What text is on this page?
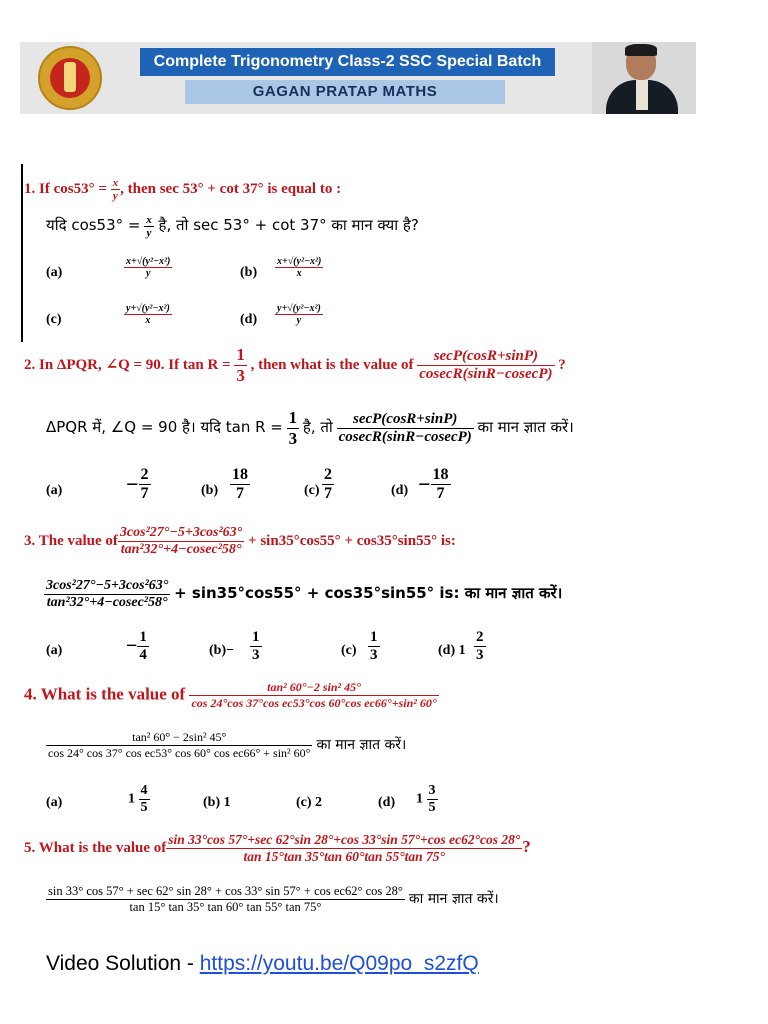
Complete Trigonometry Class-2 SSC Special Batch
GAGAN PRATAP MATHS
1. If $\cos 53^\circ = \frac{x}{y}$ , then sec 53° + cot 37° is equal to :
यदि $\cos 53^\circ = \frac{x}{y}$ है, तो sec 53° + cot 37° का मान क्या है?
(a)	$\frac{\text{x+√(y²−x²)}}{y}$	$(b) \frac{\text{x+√(y²−x²)}}{x}$
(c)	$\frac{\text{y+√(y²−x²)}}{x}$	$(d) \frac{\text{y+√(y²−x²)}}{y}$
2. In ΔPQR, ∠Q = 90. If $\tan R = \frac{1}{3}$ , then what is the value of $\frac{\sec P(\cos R+\sin P)}{cosecR(\sin R-cosecP)}$ ?
ΔPQR में, ∠Q = 90 है। यदि $\tan R = \frac{1}{3}$ है, तो $\frac{\sec P(\cos R+\sin P)}{cosecR(\sin R-cosecP)}$ का मान ज्ञात करें।
(a)	− $\frac{2}{7}$	$(b) \frac{18}{7}$	$(c) \frac{2}{7}$	$(d) - \frac{18}{7}$
3. The value of $\frac{\text{3cos²27°−5+3cos²63°}}{\text{tan²32°+4−cosec²58°}} + \sin 35^\circ\cos 55^\circ + \cos 35^\circ\sin 55^\circ$ is:
$\frac{\text{3cos²27°−5+3cos²63°}}{\text{tan²32°+4−cosec²58°}} + \sin 35^\circ\cos 55^\circ + \cos 35^\circ\sin 55^\circ$ is: का मान ज्ञात करें।
(a)	− $\frac{1}{4}$	$(b)- \frac{1}{3}$	$(c) \frac{1}{3}$	(d) $1 \frac{2}{3}$
4. What is the value of $\frac{\text{tan² 60°−2 sin² 45°}}{\text{cos 24°cos 37°cos ec53°cos 60°cos ec66°+sin² 60°}}$
$\frac{\text{tan² 60° − 2sin² 45°}}{\text{cos 24° cos 37° cos ec53° cos 60° cos ec66° + sin² 60°}}$ का मान ज्ञात करें।
(a)	$1 \frac{4}{5}$	(b) 1	(c) 2	(d) $1 \frac{3}{5}$
5. What is the value of
sin 33°cos 57°+sec 62°sin 28°+cos 33°sin 57°+cos ec62°cos 28°
tan 15°tan 35°tan 60°tan 55°tan 75°
?
sin 33° cos 57° + sec 62° sin 28° + cos 33° sin 57° + cos ec62° cos 28°
tan 15° tan 35° tan 60° tan 55° tan 75°	का मान ज्ञात करें।
Video Solution - https://youtu.be/Q09po_s2zfQ
